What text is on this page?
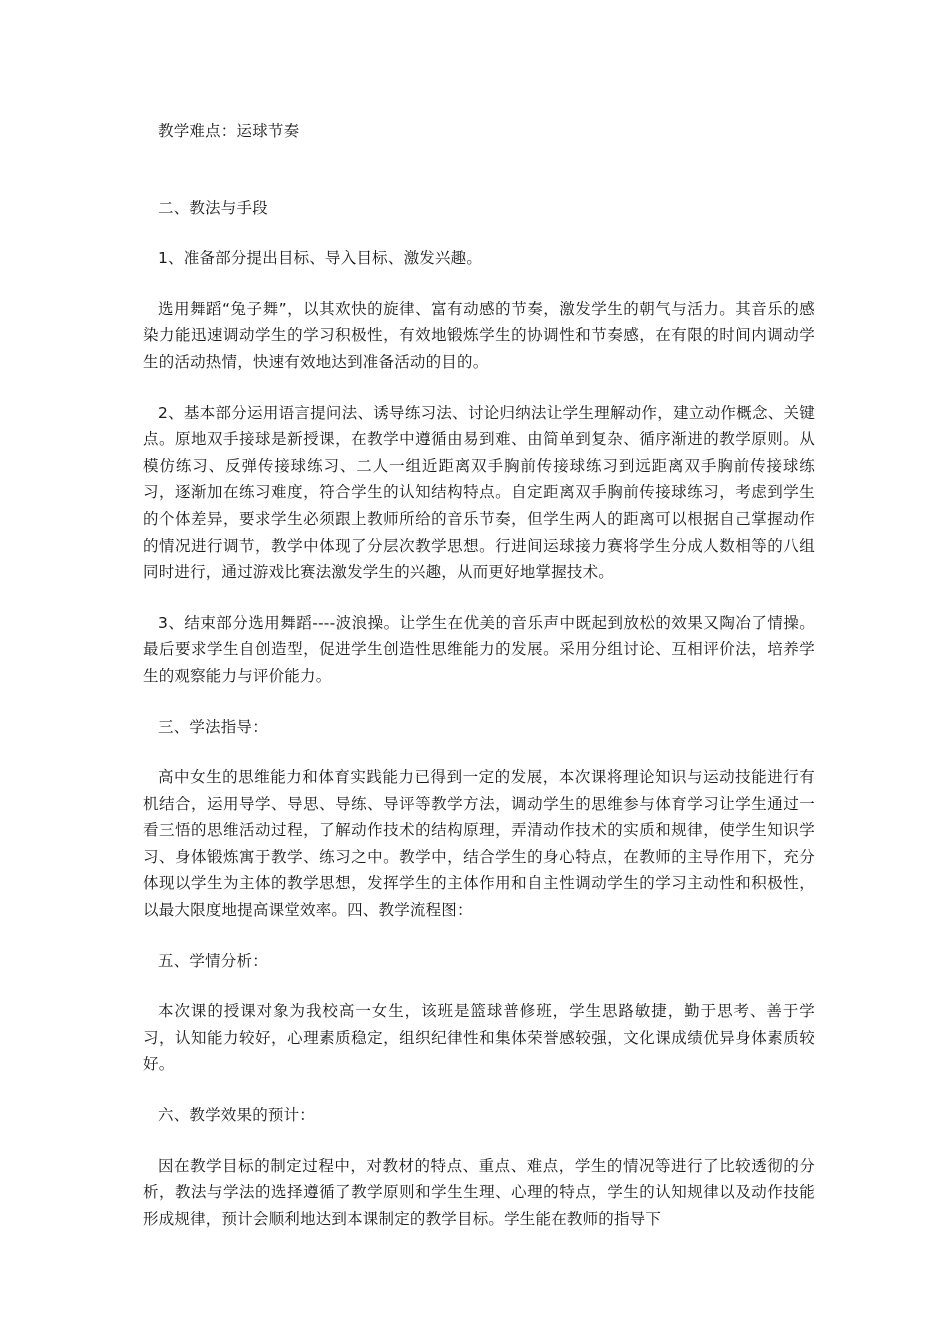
教学难点：运球节奏

二、教法与手段

1、准备部分提出目标、导入目标、激发兴趣。

选用舞蹈“兔子舞”，以其欢快的旋律、富有动感的节奏，激发学生的朝气与活力。其音乐的感染力能迅速调动学生的学习积极性，有效地锻炼学生的协调性和节奏感，在有限的时间内调动学生的活动热情，快速有效地达到准备活动的目的。

2、基本部分运用语言提问法、诱导练习法、讨论归纳法让学生理解动作，建立动作概念、关键点。原地双手接球是新授课，在教学中遵循由易到难、由简单到复杂、循序渐进的教学原则。从模仿练习、反弹传接球练习、二人一组近距离双手胸前传接球练习到远距离双手胸前传接球练习，逐渐加在练习难度，符合学生的认知结构特点。自定距离双手胸前传接球练习，考虑到学生的个体差异，要求学生必须跟上教师所给的音乐节奏，但学生两人的距离可以根据自己掌握动作的情况进行调节，教学中体现了分层次教学思想。行进间运球接力赛将学生分成人数相等的八组同时进行，通过游戏比赛法激发学生的兴趣，从而更好地掌握技术。

3、结束部分选用舞蹈----波浪操。让学生在优美的音乐声中既起到放松的效果又陶冶了情操。最后要求学生自创造型，促进学生创造性思维能力的发展。采用分组讨论、互相评价法，培养学生的观察能力与评价能力。

三、学法指导：

高中女生的思维能力和体育实践能力已得到一定的发展，本次课将理论知识与运动技能进行有机结合，运用导学、导思、导练、导评等教学方法，调动学生的思维参与体育学习让学生通过一看三悟的思维活动过程，了解动作技术的结构原理，弄清动作技术的实质和规律，使学生知识学习、身体锻炼寓于教学、练习之中。教学中，结合学生的身心特点，在教师的主导作用下，充分体现以学生为主体的教学思想，发挥学生的主体作用和自主性调动学生的学习主动性和积极性，以最大限度地提高课堂效率。四、教学流程图：

五、学情分析：

本次课的授课对象为我校高一女生，该班是篮球普修班，学生思路敏捷，勤于思考、善于学习，认知能力较好，心理素质稳定，组织纪律性和集体荣誉感较强，文化课成绩优异身体素质较好。

六、教学效果的预计：

因在教学目标的制定过程中，对教材的特点、重点、难点，学生的情况等进行了比较透彻的分析，教法与学法的选择遵循了教学原则和学生生理、心理的特点，学生的认知规律以及动作技能形成规律，预计会顺利地达到本课制定的教学目标。学生能在教师的指导下
